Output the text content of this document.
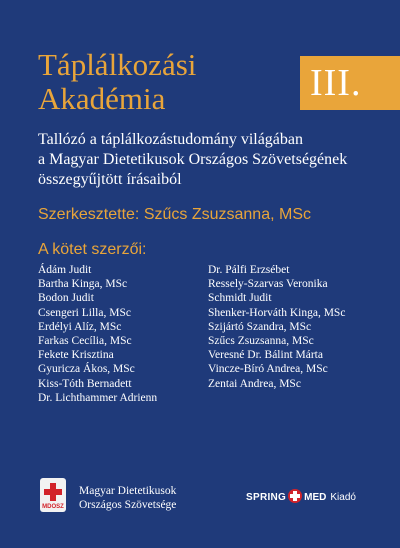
Táplálkozási
Akadémia	III.
Tallózó a táplálkozástudomány világában
a Magyar Dietetikusok Országos Szövetségének
összegyűjtött írásaiból
Szerkesztette: Szűcs Zsuzsanna, MSc
A kötet szerzői:
Ádám Judit
Bartha Kinga, MSc
Bodon Judit
Csengeri Lilla, MSc
Erdélyi Alíz, MSc
Farkas Cecília, MSc
Fekete Krisztina
Gyuricza Ákos, MSc
Kiss-Tóth Bernadett
Dr. Lichthammer Adrienn
Dr. Pálfi Erzsébet
Ressely-Szarvas Veronika
Schmidt Judit
Shenker-Horváth Kinga, MSc
Szijártó Szandra, MSc
Szűcs Zsuzsanna, MSc
Veresné Dr. Bálint Márta
Vincze-Bíró Andrea, MSc
Zentai Andrea, MSc
MDOSZ
Magyar Dietetikusok
Országos Szövetsége
SPRING MED Kiadó
